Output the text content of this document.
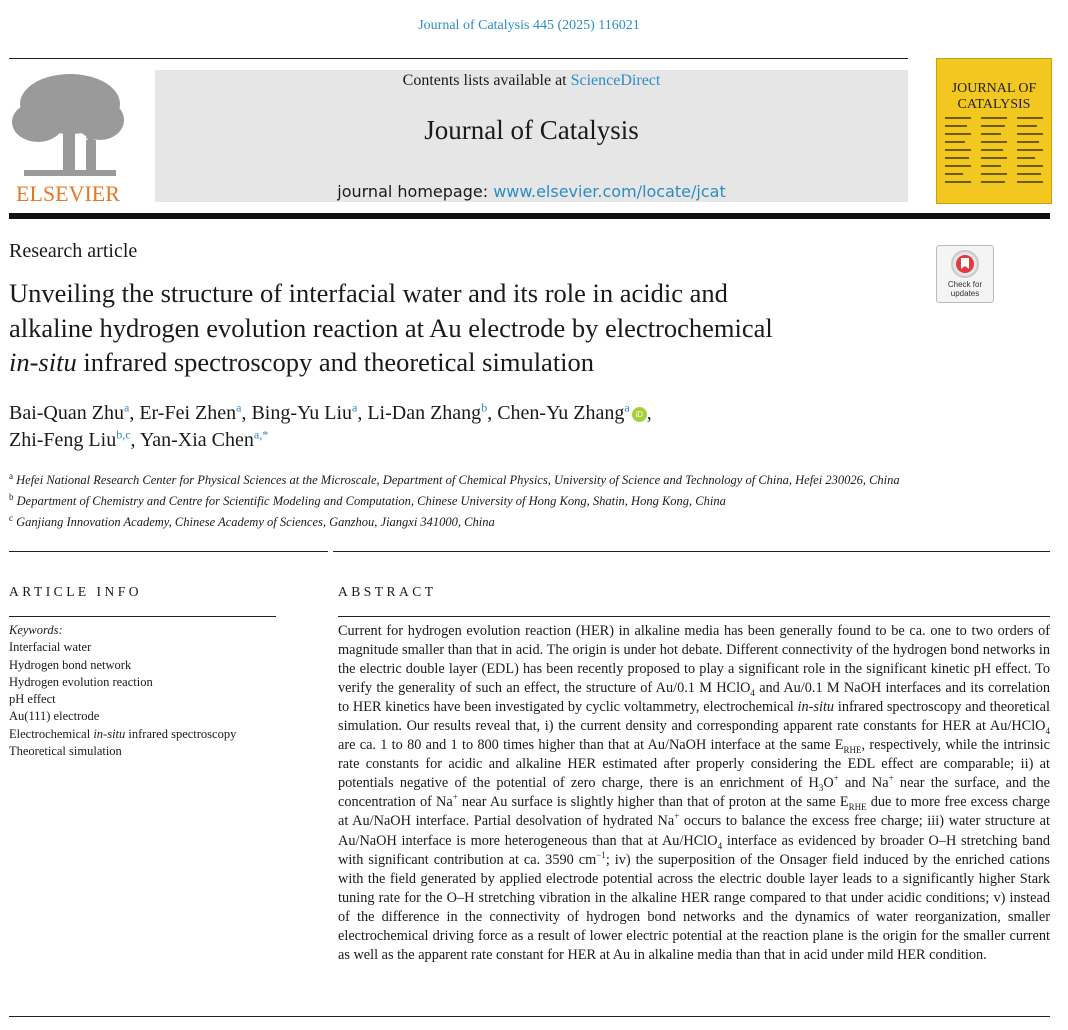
Journal of Catalysis 445 (2025) 116021
ELSEVIER
Contents lists available at ScienceDirect
Journal of Catalysis
journal homepage: www.elsevier.com/locate/jcat
JOURNAL OF
CATALYSIS
Research article
Check for
updates
Unveiling the structure of interfacial water and its role in acidic and
alkaline hydrogen evolution reaction at Au electrode by electrochemical
in-situ infrared spectroscopy and theoretical simulation
Bai-Quan Zhu$^a$, Er-Fei Zhen$^a$, Bing-Yu Liu$^a$, Li-Dan Zhang$^b$, Chen-Yu Zhang$^a$iD ,
Zhi-Feng Liu$^{b,c}$, Yan-Xia Chen$^{a,*}$
$^a$ Hefei National Research Center for Physical Sciences at the Microscale, Department of Chemical Physics, University of Science and Technology of China, Hefei 230026, China
$^b$ Department of Chemistry and Centre for Scientific Modeling and Computation, Chinese University of Hong Kong, Shatin, Hong Kong, China
$^c$ Ganjiang Innovation Academy, Chinese Academy of Sciences, Ganzhou, Jiangxi 341000, China
ARTICLE INFO
Keywords:
Interfacial water
Hydrogen bond network
Hydrogen evolution reaction
pH effect
Au(111) electrode
Electrochemical in-situ infrared spectroscopy
Theoretical simulation
ABSTRACT
Current for hydrogen evolution reaction (HER) in alkaline media has been generally found to be ca. one to two orders of magnitude smaller than that in acid. The origin is under hot debate. Different connectivity of the hydrogen bond networks in the electric double layer (EDL) has been recently proposed to play a significant role in the significant kinetic pH effect. To verify the generality of such an effect, the structure of Au/0.1 M HClO$_4$ and Au/0.1 M NaOH interfaces and its correlation to HER kinetics have been investigated by cyclic voltammetry, electrochemical in-situ infrared spectroscopy and theoretical simulation. Our results reveal that, i) the current density and corresponding apparent rate constants for HER at Au/HClO$_4$ are ca. 1 to 80 and 1 to 800 times higher than that at Au/NaOH interface at the same $E_{RHE}$, respectively, while the intrinsic rate constants for acidic and alkaline HER estimated after properly considering the EDL effect are comparable; ii) at potentials negative of the potential of zero charge, there is an enrichment of $H_3O^+$ and Na+ near the surface, and the concentration of Na+ near Au surface is slightly higher than that of proton at the same $E_{RHE}$ due to more free excess charge at Au/NaOH interface. Partial desolvation of hydrated Na+ occurs to balance the excess free charge; iii) water structure at Au/NaOH interface is more heterogeneous than that at Au/HClO$_4$ interface as evidenced by broader O–H stretching band with significant contribution at ca. 3590 $cm^{-1}$; iv) the superposition of the Onsager field induced by the enriched cations with the field generated by applied electrode potential across the electric double layer leads to a significantly higher Stark tuning rate for the O–H stretching vibration in the alkaline HER range compared to that under acidic conditions; v) instead of the difference in the connectivity of hydrogen bond networks and the dynamics of water reorganization, smaller electrochemical driving force as a result of lower electric potential at the reaction plane is the origin for the smaller current as well as the apparent rate constant for HER at Au in alkaline media than that in acid under mild HER condition.
